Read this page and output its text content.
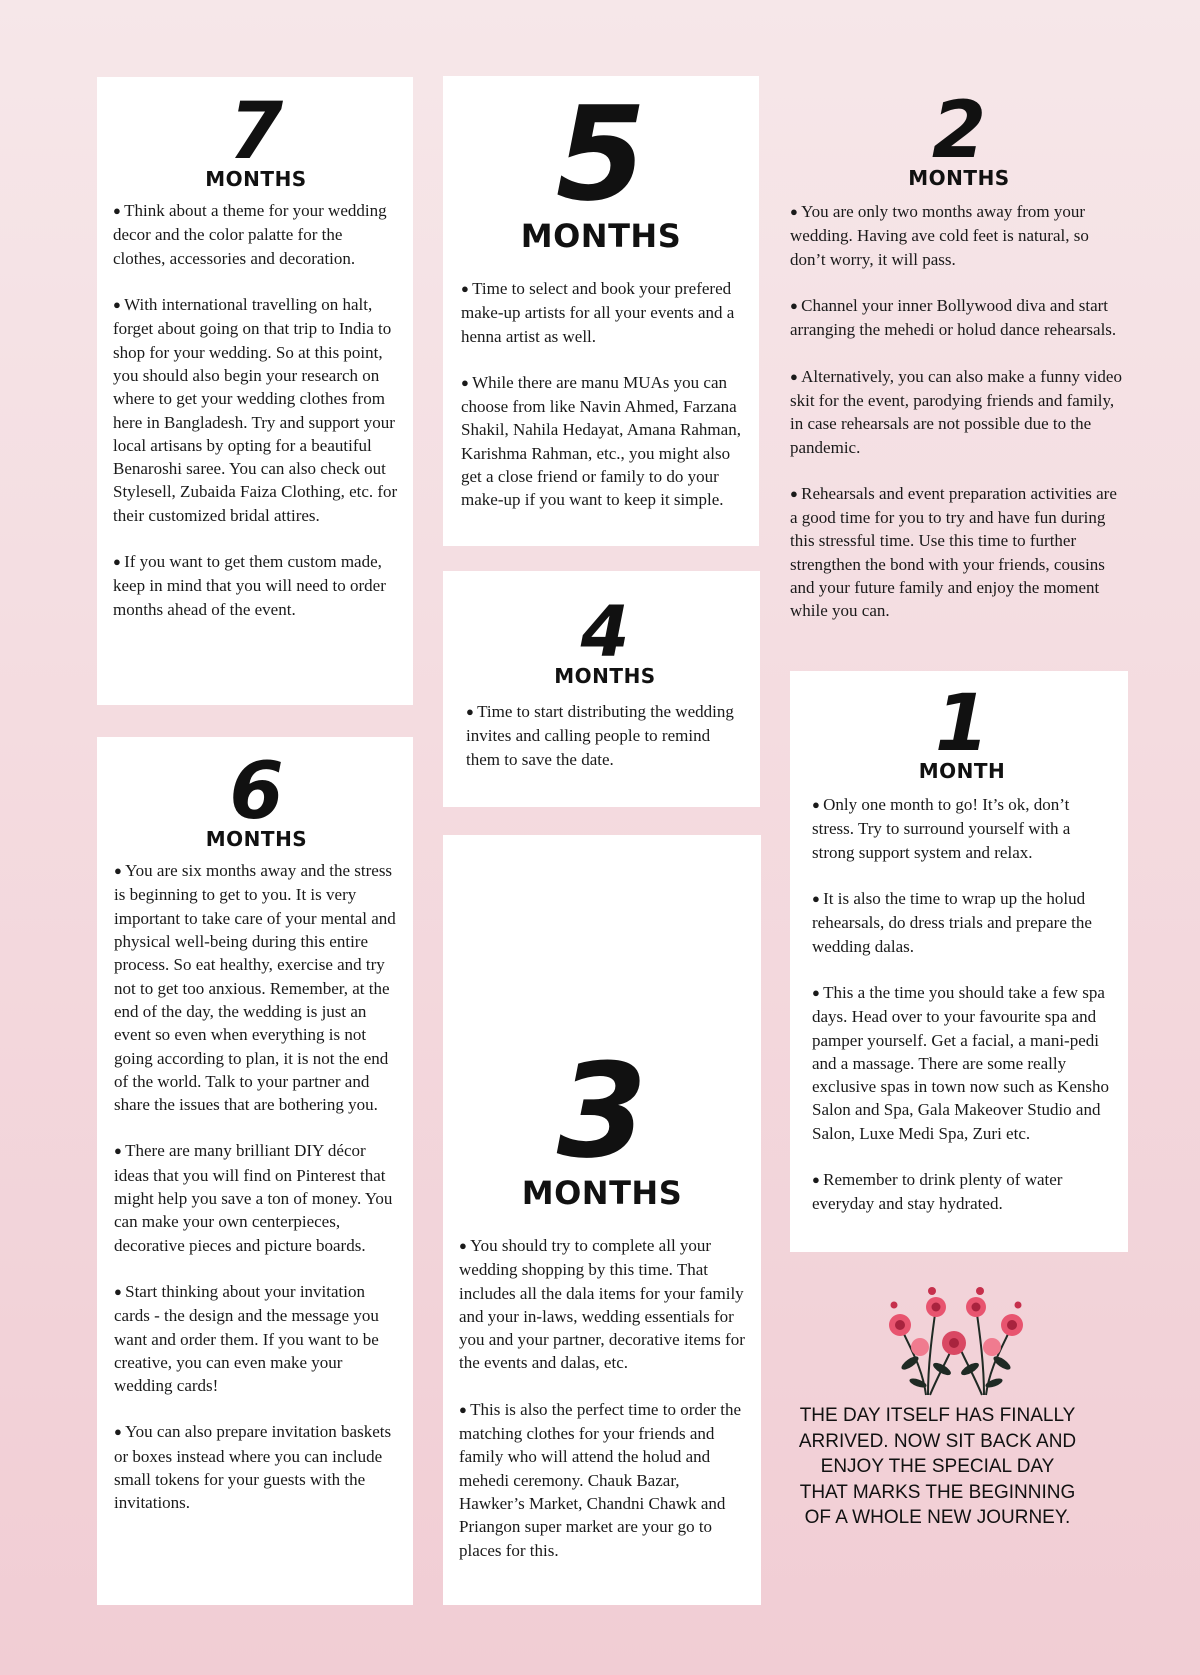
7
MONTHS
● Think about a theme for your wedding decor and the color palatte for the clothes, accessories and decoration.
● With international travelling on halt, forget about going on that trip to India to shop for your wedding. So at this point, you should also begin your research on where to get your wedding clothes from here in Bangladesh. Try and support your local artisans by opting for a beautiful Benaroshi saree. You can also check out Stylesell, Zubaida Faiza Clothing, etc. for their customized bridal attires.
● If you want to get them custom made, keep in mind that you will need to order months ahead of the event.
5
MONTHS
● Time to select and book your prefered make-up artists for all your events and a henna artist as well.
● While there are manu MUAs you can choose from like Navin Ahmed, Farzana Shakil, Nahila Hedayat, Amana Rahman, Karishma Rahman, etc., you might also get a close friend or family to do your make-up if you want to keep it simple.
2
MONTHS
● You are only two months away from your wedding. Having ave cold feet is natural, so don’t worry, it will pass.
● Channel your inner Bollywood diva and start arranging the mehedi or holud dance rehearsals.
● Alternatively, you can also make a funny video skit for the event, parodying friends and family, in case rehearsals are not possible due to the pandemic.
● Rehearsals and event preparation activities are a good time for you to try and have fun during this stressful time. Use this time to further strengthen the bond with your friends, cousins and your future family and enjoy the moment while you can.
6
MONTHS
● You are six months away and the stress is beginning to get to you. It is very important to take care of your mental and physical well-being during this entire process. So eat healthy, exercise and try not to get too anxious. Remember, at the end of the day, the wedding is just an event so even when everything is not going according to plan, it is not the end of the world. Talk to your partner and share the issues that are bothering you.
● There are many brilliant DIY décor ideas that you will find on Pinterest that might help you save a ton of money. You can make your own centerpieces, decorative pieces and picture boards.
● Start thinking about your invitation cards - the design and the message you want and order them. If you want to be creative, you can even make your wedding cards!
● You can also prepare invitation baskets or boxes instead where you can include small tokens for your guests with the invitations.
4
MONTHS
● Time to start distributing the wedding invites and calling people to remind them to save the date.
3
MONTHS
● You should try to complete all your wedding shopping by this time. That includes all the dala items for your family and your in-laws, wedding essentials for you and your partner, decorative items for the events and dalas, etc.
● This is also the perfect time to order the matching clothes for your friends and family who will attend the holud and mehedi ceremony. Chauk Bazar, Hawker’s Market, Chandni Chawk and Priangon super market are your go to places for this.
1
MONTH
● Only one month to go! It’s ok, don’t stress. Try to surround yourself with a strong support system and relax.
● It is also the time to wrap up the holud rehearsals, do dress trials and prepare the wedding dalas.
● This a the time you should take a few spa days. Head over to your favourite spa and pamper yourself. Get a facial, a mani-pedi and a massage. There are some really exclusive spas in town now such as Kensho Salon and Spa, Gala Makeover Studio and Salon, Luxe Medi Spa, Zuri etc.
● Remember to drink plenty of water everyday and stay hydrated.

THE DAY ITSELF HAS FINALLY ARRIVED. NOW SIT BACK AND ENJOY THE SPECIAL DAY THAT MARKS THE BEGINNING OF A WHOLE NEW JOURNEY.
